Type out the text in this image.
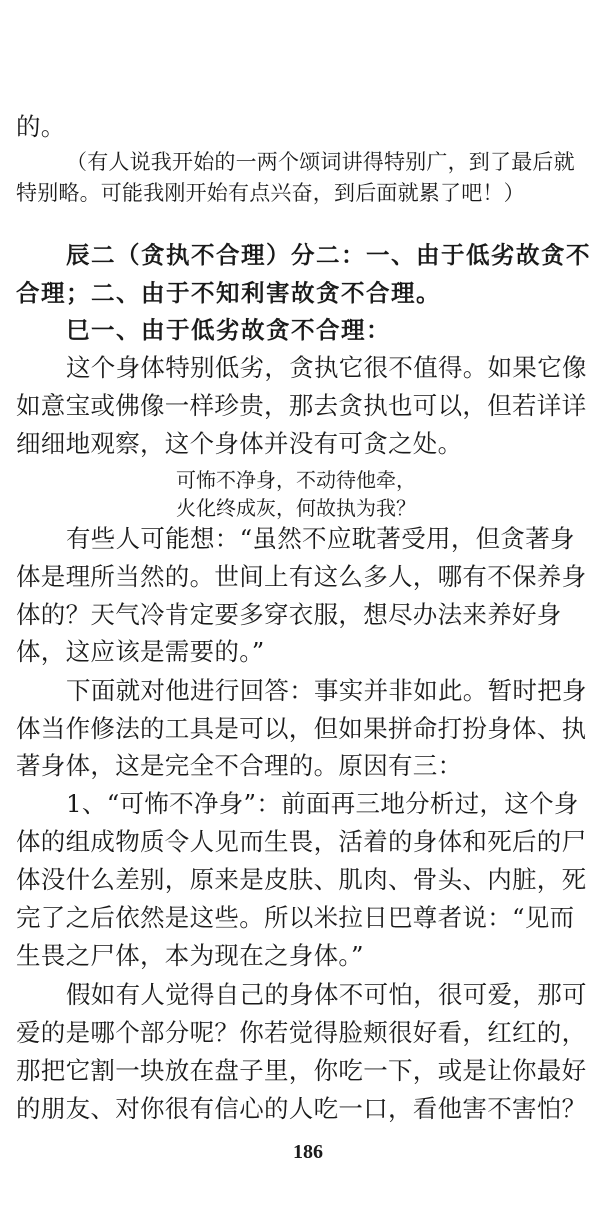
的。
（有人说我开始的一两个颂词讲得特别广，到了最后就
特别略。可能我刚开始有点兴奋，到后面就累了吧！）
辰二（贪执不合理）分二：一、由于低劣故贪不
合理；二、由于不知利害故贪不合理。
巳一、由于低劣故贪不合理：
这个身体特别低劣，贪执它很不值得。如果它像
如意宝或佛像一样珍贵，那去贪执也可以，但若详详
细细地观察，这个身体并没有可贪之处。
可怖不净身，不动待他牵，
火化终成灰，何故执为我？
有些人可能想：“虽然不应耽著受用，但贪著身
体是理所当然的。世间上有这么多人，哪有不保养身
体的？天气冷肯定要多穿衣服，想尽办法来养好身
体，这应该是需要的。”
下面就对他进行回答：事实并非如此。暂时把身
体当作修法的工具是可以，但如果拼命打扮身体、执
著身体，这是完全不合理的。原因有三：
1、“可怖不净身”：前面再三地分析过，这个身
体的组成物质令人见而生畏，活着的身体和死后的尸
体没什么差别，原来是皮肤、肌肉、骨头、内脏，死
完了之后依然是这些。所以米拉日巴尊者说：“见而
生畏之尸体，本为现在之身体。”
假如有人觉得自己的身体不可怕，很可爱，那可
爱的是哪个部分呢？你若觉得脸颊很好看，红红的，
那把它割一块放在盘子里，你吃一下，或是让你最好
的朋友、对你很有信心的人吃一口，看他害不害怕？
186
